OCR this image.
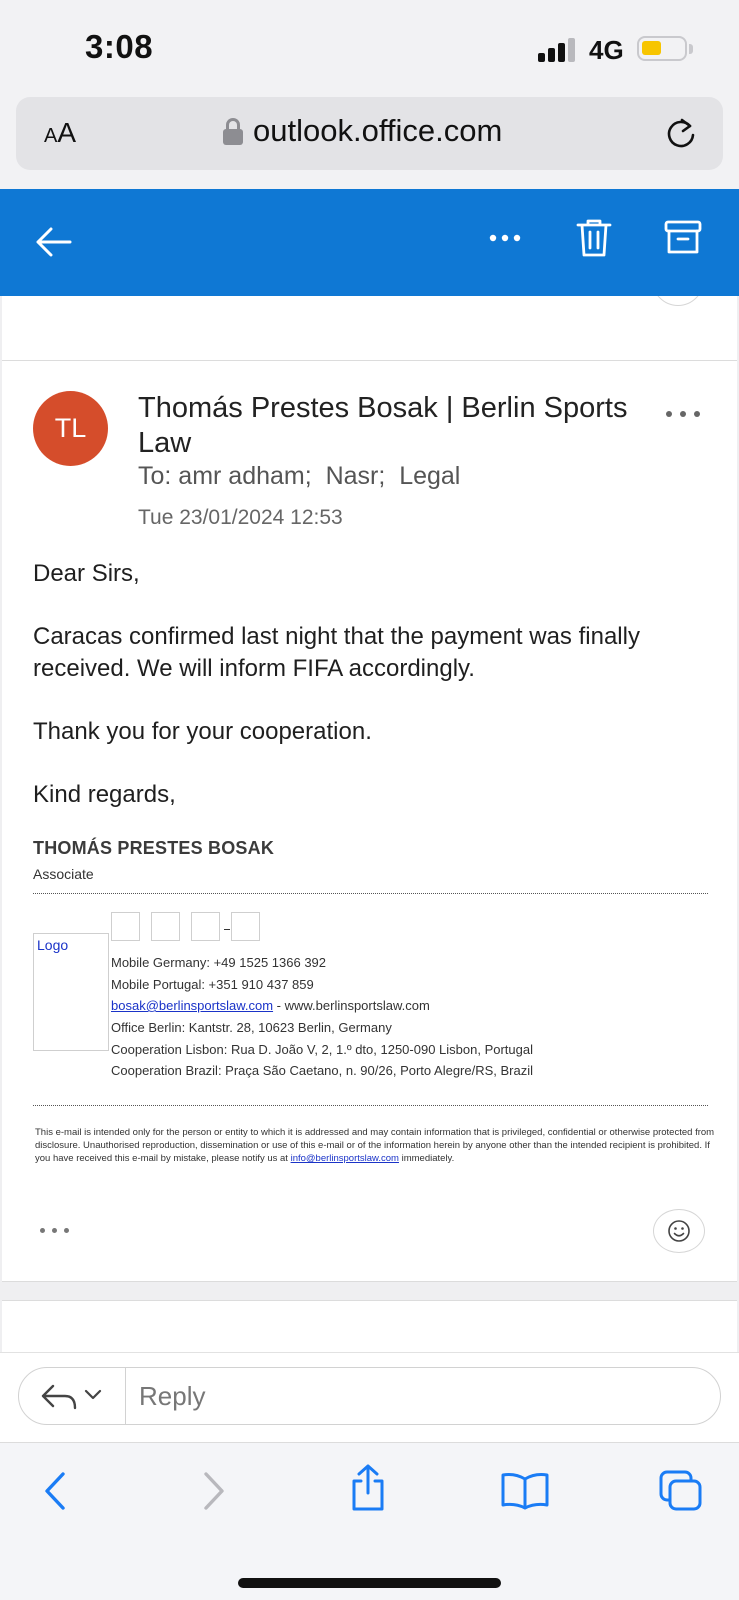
3:08	4G
AA	outlook.office.com
TL
Thomás Prestes Bosak | Berlin Sports Law
To: amr adham;  Nasr;  Legal
Tue 23/01/2024 12:53
Dear Sirs,
Caracas confirmed last night that the payment was finally received. We will inform FIFA accordingly.
Thank you for your cooperation.
Kind regards,
THOMÁS PRESTES BOSAK
Associate
Logo
Mobile Germany: +49 1525 1366 392
Mobile Portugal: +351 910 437 859
bosak@berlinsportslaw.com - www.berlinsportslaw.com
Office Berlin: Kantstr. 28, 10623 Berlin, Germany
Cooperation Lisbon: Rua D. João V, 2, 1.º dto, 1250-090 Lisbon, Portugal
Cooperation Brazil: Praça São Caetano, n. 90/26, Porto Alegre/RS, Brazil
This e-mail is intended only for the person or entity to which it is addressed and may contain information that is privileged, confidential or otherwise protected from disclosure. Unauthorised reproduction, dissemination or use of this e-mail or of the information herein by anyone other than the intended recipient is prohibited. If you have received this e-mail by mistake, please notify us at info@berlinsportslaw.com immediately.
Reply
